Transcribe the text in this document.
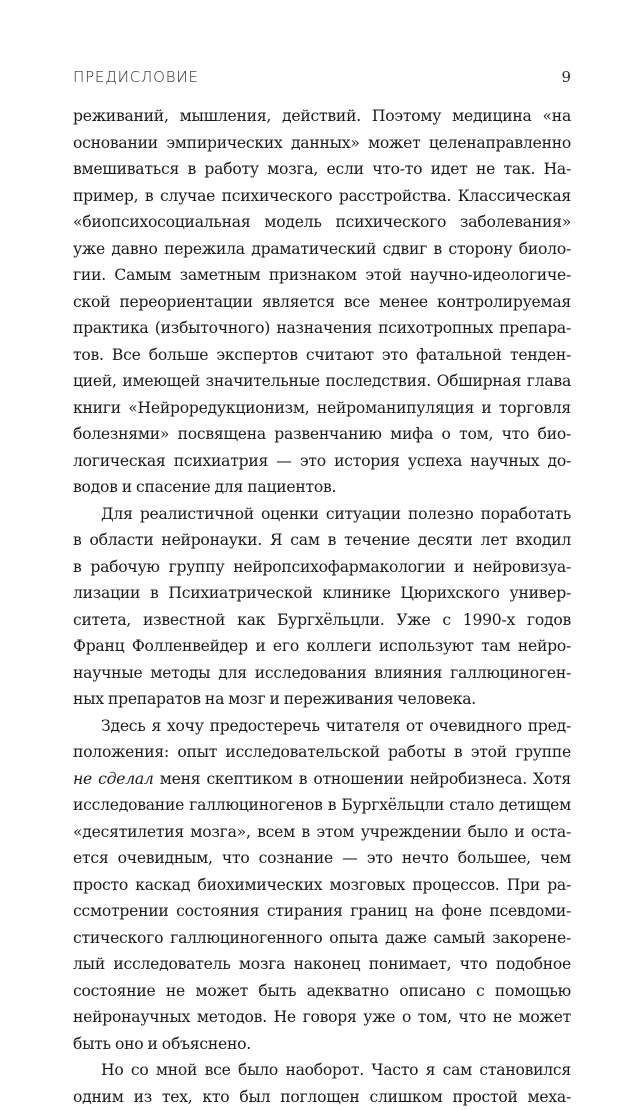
ПРЕДИСЛОВИЕ	9
реживаний, мышления, действий. Поэтому медицина «на
основании эмпирических данных» может целенаправленно
вмешиваться в работу мозга, если что-то идет не так. На-
пример, в случае психического расстройства. Классическая
«биопсихосоциальная модель психического заболевания»
уже давно пережила драматический сдвиг в сторону биоло-
гии. Самым заметным признаком этой научно-идеологиче-
ской переориентации является все менее контролируемая
практика (избыточного) назначения психотропных препара-
тов. Все больше экспертов считают это фатальной тенден-
цией, имеющей значительные последствия. Обширная глава
книги «Нейроредукционизм, нейроманипуляция и торговля
болезнями» посвящена развенчанию мифа о том, что био-
логическая психиатрия — это история успеха научных до-
водов и спасение для пациентов.
Для реалистичной оценки ситуации полезно поработать
в области нейронауки. Я сам в течение десяти лет входил
в рабочую группу нейропсихофармакологии и нейровизуа-
лизации в Психиатрической клинике Цюрихского универ-
ситета, известной как Бургхёльцли. Уже с 1990-х годов
Франц Фолленвейдер и его коллеги используют там нейро-
научные методы для исследования влияния галлюциноген-
ных препаратов на мозг и переживания человека.
Здесь я хочу предостеречь читателя от очевидного пред-
положения: опыт исследовательской работы в этой группе
не сделал меня скептиком в отношении нейробизнеса. Хотя
исследование галлюциногенов в Бургхёльцли стало детищем
«десятилетия мозга», всем в этом учреждении было и оста-
ется очевидным, что сознание — это нечто большее, чем
просто каскад биохимических мозговых процессов. При ра-
ссмотрении состояния стирания границ на фоне псевдоми-
стического галлюциногенного опыта даже самый закорене-
лый исследователь мозга наконец понимает, что подобное
состояние не может быть адекватно описано с помощью
нейронаучных методов. Не говоря уже о том, что не может
быть оно и объяснено.
Но со мной все было наоборот. Часто я сам становился
одним из тех, кто был поглощен слишком простой меха-
